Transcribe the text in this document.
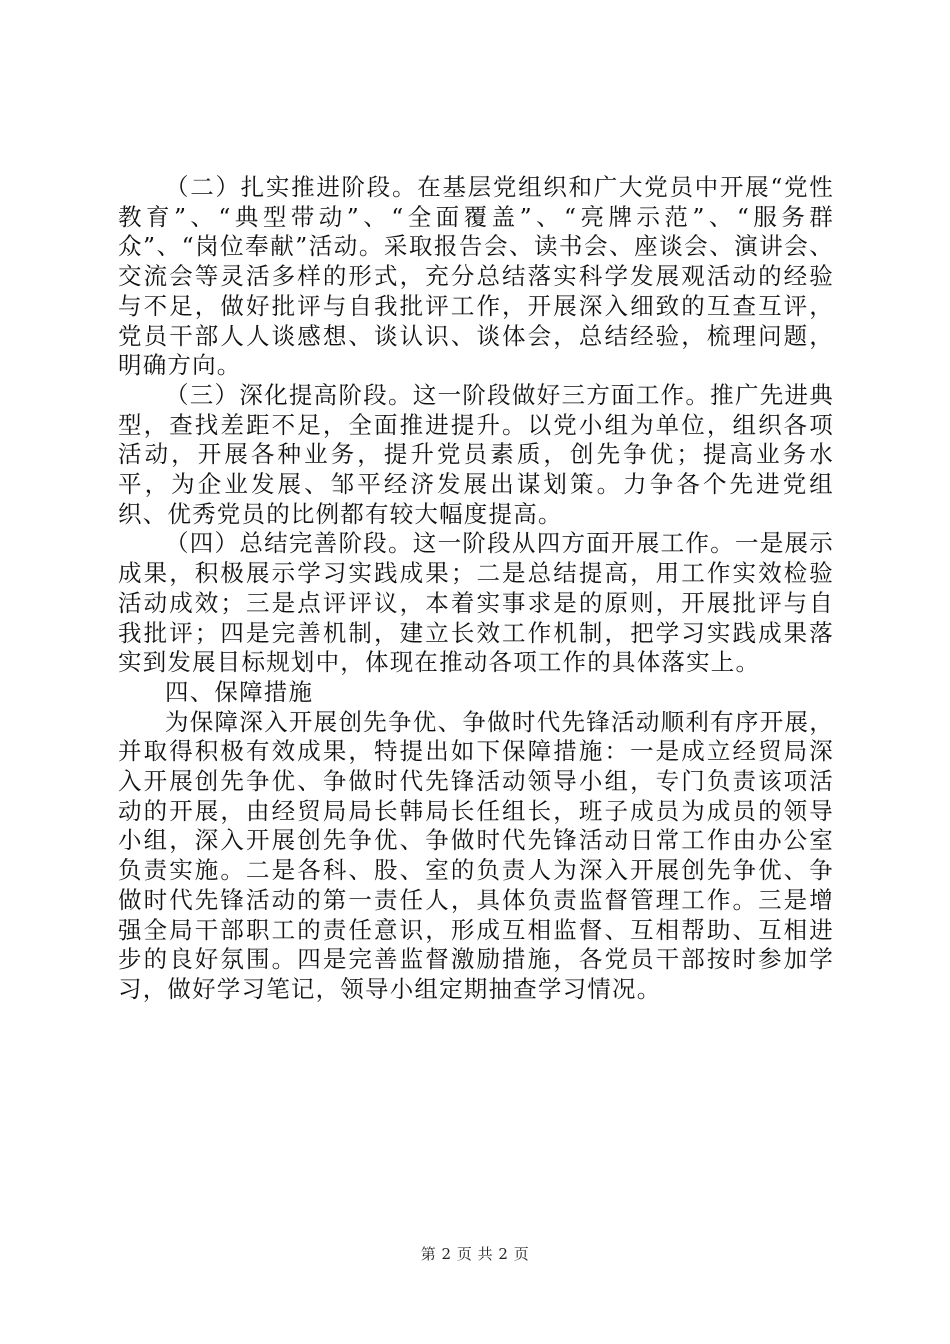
（二）扎实推进阶段。在基层党组织和广大党员中开展“党性教育”、“典型带动”、“全面覆盖”、“亮牌示范”、“服务群众”、“岗位奉献”活动。采取报告会、读书会、座谈会、演讲会、交流会等灵活多样的形式，充分总结落实科学发展观活动的经验与不足，做好批评与自我批评工作，开展深入细致的互查互评，党员干部人人谈感想、谈认识、谈体会，总结经验，梳理问题，明确方向。

（三）深化提高阶段。这一阶段做好三方面工作。推广先进典型，查找差距不足，全面推进提升。以党小组为单位，组织各项活动，开展各种业务，提升党员素质，创先争优；提高业务水平，为企业发展、邹平经济发展出谋划策。力争各个先进党组织、优秀党员的比例都有较大幅度提高。

（四）总结完善阶段。这一阶段从四方面开展工作。一是展示成果，积极展示学习实践成果；二是总结提高，用工作实效检验活动成效；三是点评评议，本着实事求是的原则，开展批评与自我批评；四是完善机制，建立长效工作机制，把学习实践成果落实到发展目标规划中，体现在推动各项工作的具体落实上。

四、保障措施

为保障深入开展创先争优、争做时代先锋活动顺利有序开展，并取得积极有效成果，特提出如下保障措施：一是成立经贸局深入开展创先争优、争做时代先锋活动领导小组，专门负责该项活动的开展，由经贸局局长韩局长任组长，班子成员为成员的领导小组，深入开展创先争优、争做时代先锋活动日常工作由办公室负责实施。二是各科、股、室的负责人为深入开展创先争优、争做时代先锋活动的第一责任人，具体负责监督管理工作。三是增强全局干部职工的责任意识，形成互相监督、互相帮助、互相进步的良好氛围。四是完善监督激励措施，各党员干部按时参加学习，做好学习笔记，领导小组定期抽查学习情况。

第 2 页 共 2 页
